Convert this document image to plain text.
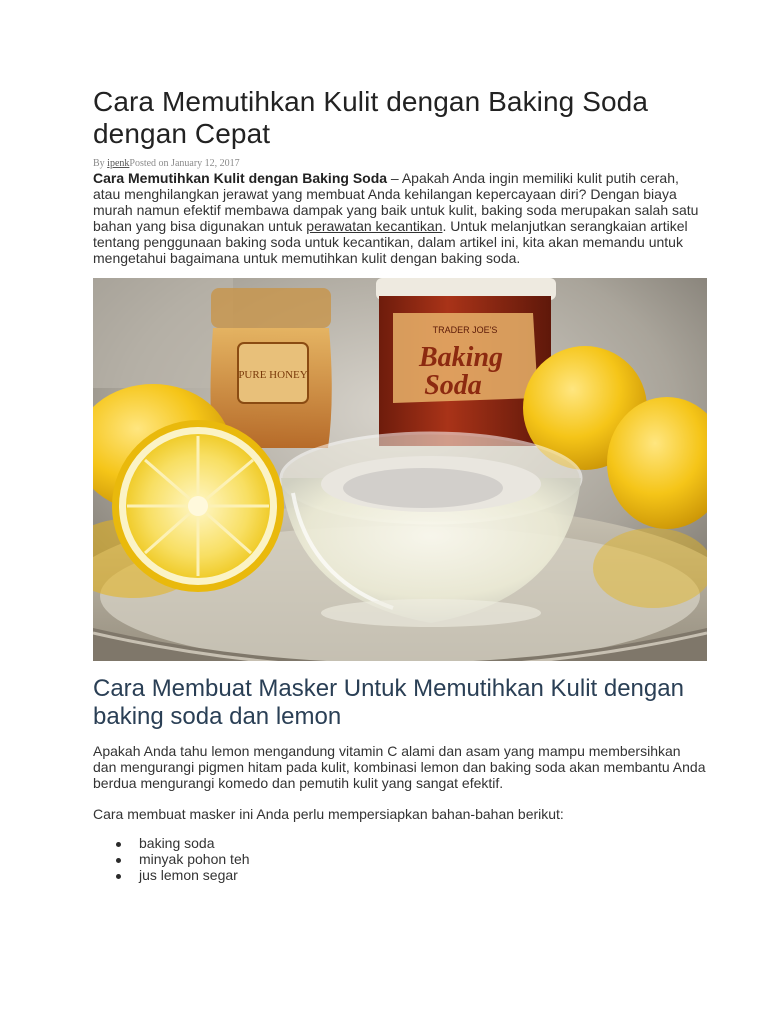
Cara Memutihkan Kulit dengan Baking Soda dengan Cepat
By ipenkPosted on January 12, 2017

Cara Memutihkan Kulit dengan Baking Soda – Apakah Anda ingin memiliki kulit putih cerah, atau menghilangkan jerawat yang membuat Anda kehilangan kepercayaan diri? Dengan biaya murah namun efektif membawa dampak yang baik untuk kulit, baking soda merupakan salah satu bahan yang bisa digunakan untuk perawatan kecantikan. Untuk melanjutkan serangkaian artikel tentang penggunaan baking soda untuk kecantikan, dalam artikel ini, kita akan memandu untuk mengetahui bagaimana untuk memutihkan kulit dengan baking soda.

PURE HONEY
TRADER JOE'S
Baking
Soda
Cara Membuat Masker Untuk Memutihkan Kulit dengan baking soda dan lemon

Apakah Anda tahu lemon mengandung vitamin C alami dan asam yang mampu membersihkan dan mengurangi pigmen hitam pada kulit, kombinasi lemon dan baking soda akan membantu Anda berdua mengurangi komedo dan pemutih kulit yang sangat efektif.

Cara membuat masker ini Anda perlu mempersiapkan bahan-bahan berikut:

baking soda
minyak pohon teh
jus lemon segar
